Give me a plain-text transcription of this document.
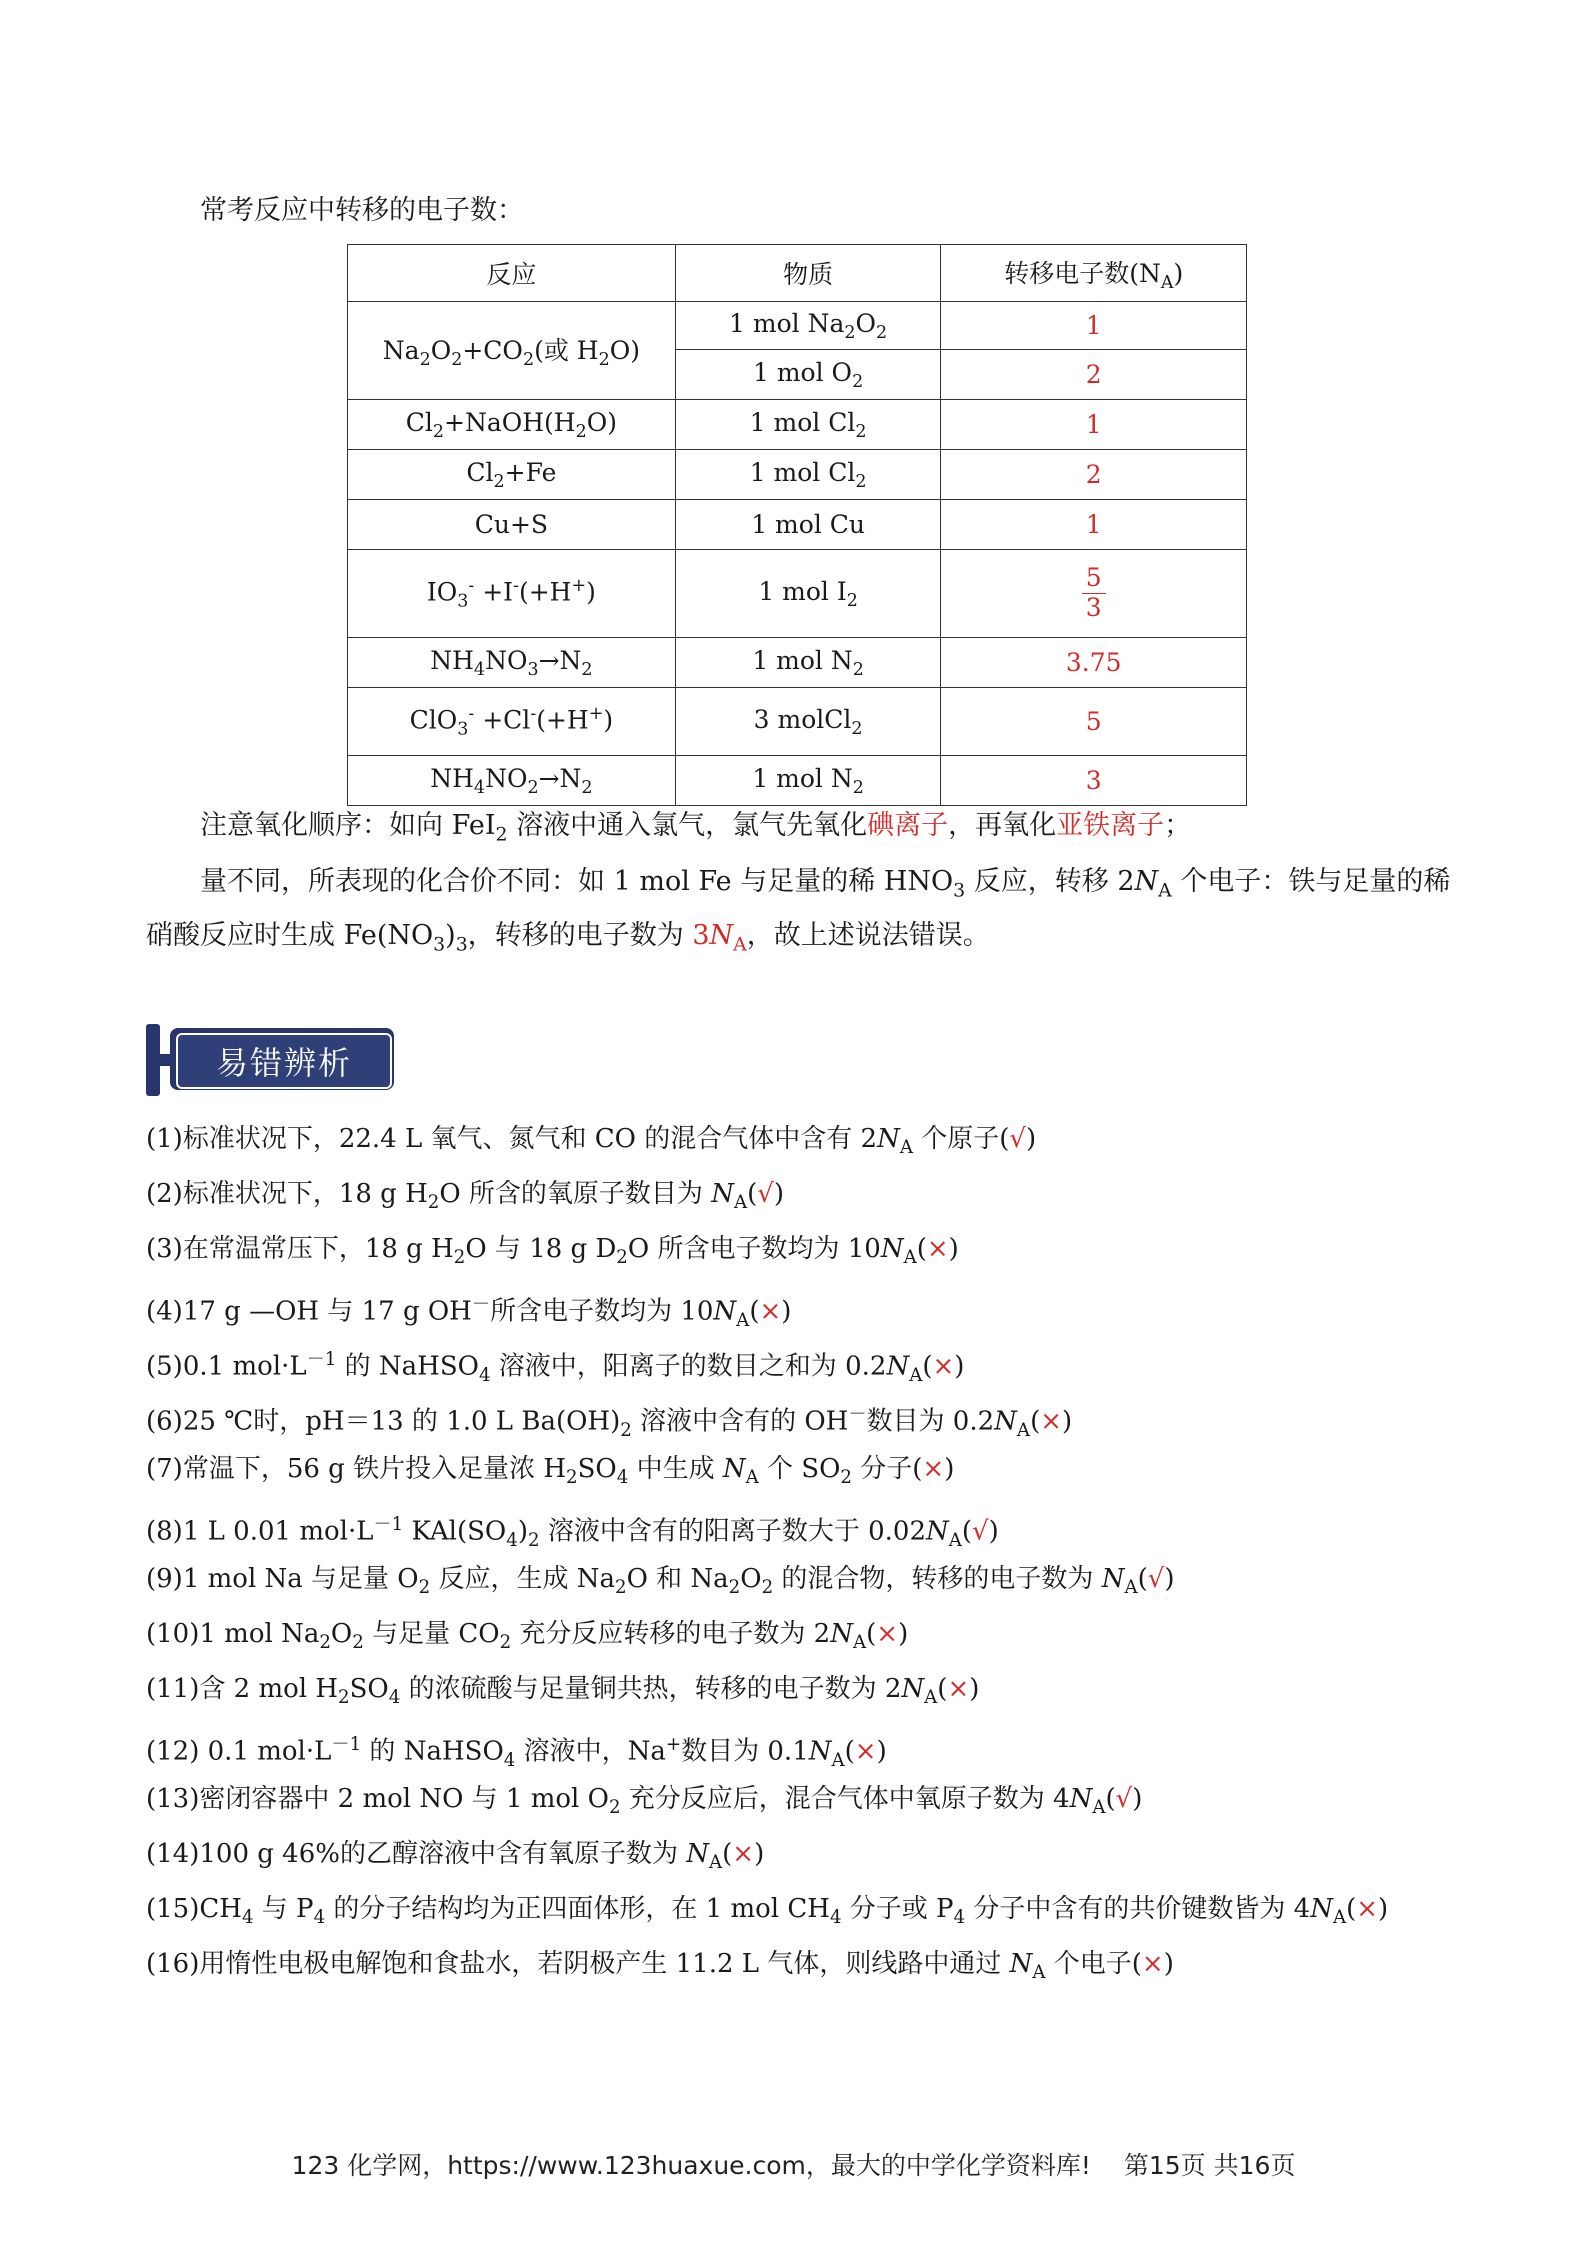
常考反应中转移的电子数：
反应	物质	转移电子数$(N_A)$
$Na_2O_2+CO_2$(或 $H_2O$)	1 mol $Na_2O_2$	1
	1 mol $O_2$	2
$Cl_2+NaOH(H_2O)$	1 mol $Cl_2$	1
$Cl_2+Fe$	1 mol $Cl_2$	2
Cu+S	1 mol Cu	1
$IO_3^- +I^-(+H^+)$	1 mol $I_2$	$\frac{5}{3}$

$NH_4NO_3\to N_2$	1 mol $N_2$	3.75
ClO$_3$- +Cl-(+H+)	3 molCl$_2$	5
$NH_4NO_2\to N_2$	1 mol $N_2$	3
注意氧化顺序：如向 FeI$_2$ 溶液中通入氯气，氯气先氧化碘离子，再氧化亚铁离子；
量不同，所表现的化合价不同：如 1 mol Fe 与足量的稀 $HNO_3$ 反应，转移 $2N_A$ 个电子：铁与足量的稀
硝酸反应时生成 $Fe(NO_3)_3$，转移的电子数为 $3N_A$，故上述说法错误。
易错辨析
(1)标准状况下，22.4 L 氧气、氮气和 CO 的混合气体中含有 $2N_A$ 个原子(√)
(2)标准状况下，18 g $H_2O$ 所含的氧原子数目为 $N_A(√)$
(3)在常温常压下，18 g $H_2O$ 与 18 g $D_2O$ 所含电子数均为 $10N_A(\times)$
(4)17 g —OH 与 17 g OH－所含电子数均为 $10N_A(\times)$
(5)0.1 $mol\cdot L^{-1}$ 的 NaHSO$_4$ 溶液中，阳离子的数目之和为 $0.2N_A(\times)$
(6)25 ℃时，pH＝13 的 1.0 L $Ba(OH)_2$ 溶液中含有的 OH－数目为 $0.2N_A(\times)$
(7)常温下，56 g 铁片投入足量浓 $H_2SO_4$ 中生成 $N_A$ 个 $SO_2$ 分子(×)
(8)1 L 0.01 $mol\cdot L^{-1}$ $KAl(SO_4)_2$ 溶液中含有的阳离子数大于 $0.02N_A(√)$
(9)1 mol Na 与足量 $O_2$ 反应，生成 $Na_2O$ 和 $Na_2O_2$ 的混合物，转移的电子数为 $N_A(√)$
(10)1 mol $Na_2O_2$ 与足量 $CO_2$ 充分反应转移的电子数为 $2N_A(\times)$
(11)含 2 mol $H_2SO_4$ 的浓硫酸与足量铜共热，转移的电子数为 $2N_A(\times)$
(12) 0.1 $mol\cdot L^{-1}$ 的 NaHSO$_4$ 溶液中，Na+数目为 $0.1N_A(\times)$
(13)密闭容器中 2 mol NO 与 1 mol $O_2$ 充分反应后，混合气体中氧原子数为 $4N_A(√)$
(14)100 g 46%的乙醇溶液中含有氧原子数为 $N_A(\times)$
$(15)CH_4$ 与 $P_4$ 的分子结构均为正四面体形，在 1 mol $CH_4$ 分子或 $P_4$ 分子中含有的共价键数皆为 $4N_A(\times)$
(16)用惰性电极电解饱和食盐水，若阴极产生 11.2 L 气体，则线路中通过 $N_A$ 个电子(×)
123 化学网，https://www.123huaxue.com，最大的中学化学资料库!　 第15页 共16页
